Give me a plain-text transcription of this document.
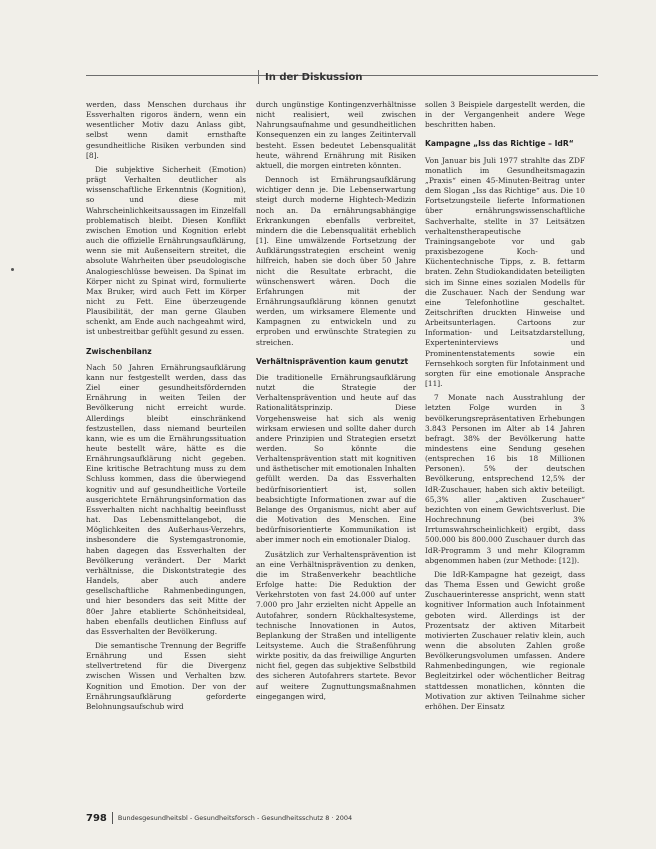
In der Diskussion

werden, dass Menschen durchaus ihr Essverhalten rigoros ändern, wenn ein wesentlicher Motiv dazu Anlass gibt, selbst wenn damit ernsthafte gesundheitliche Risiken verbunden sind [8].

Die subjektive Sicherheit (Emotion) prägt Verhalten deutlicher als wissenschaftliche Erkenntnis (Kognition), so und diese mit Wahrscheinlichkeitsaussagen im Einzelfall problematisch bleibt. Diesen Konflikt zwischen Emotion und Kognition erlebt auch die offizielle Ernährungsaufklärung, wenn sie mit Außenseitern streitet, die absolute Wahrheiten über pseudologische Analogieschlüsse beweisen. Da Spinat im Körper nicht zu Spinat wird, formulierte Max Bruker, wird auch Fett im Körper nicht zu Fett. Eine überzeugende Plausibilität, der man gerne Glauben schenkt, am Ende auch nachgeahmt wird, ist unbestreitbar gefühlt gesund zu essen.

Zwischenbilanz

Nach 50 Jahren Ernährungsaufklärung kann nur festgestellt werden, dass das Ziel einer gesundheitsfördernden Ernährung in weiten Teilen der Bevölkerung nicht erreicht wurde. Allerdings bleibt einschränkend festzustellen, dass niemand beurteilen kann, wie es um die Ernährungssituation heute bestellt wäre, hätte es die Ernährungsaufklärung nicht gegeben. Eine kritische Betrachtung muss zu dem Schluss kommen, dass die überwiegend kognitiv und auf gesundheitliche Vorteile ausgerichtete Ernährungsinformation das Essverhalten nicht nachhaltig beeinflusst hat. Das Lebensmittelangebot, die Möglichkeiten des Außerhaus-Verzehrs, insbesondere die Systemgastronomie, haben dagegen das Essverhalten der Bevölkerung verändert. Der Markt verhältnisse, die Diskontstrategie des Handels, aber auch andere gesellschaftliche Rahmenbedingungen, und hier besonders das seit Mitte der 80er Jahre etablierte Schönheitsideal, haben ebenfalls deutlichen Einfluss auf das Essverhalten der Bevölkerung.

Die semantische Trennung der Begriffe Ernährung und Essen sieht stellvertretend für die Divergenz zwischen Wissen und Verhalten bzw. Kognition und Emotion. Der von der Ernährungsaufklärung geforderte Belohnungsaufschub wird

durch ungünstige Kontingenzverhältnisse nicht realisiert, weil zwischen Nahrungsaufnahme und gesundheitlichen Konsequenzen ein zu langes Zeitintervall besteht. Essen bedeutet Lebensqualität heute, während Ernährung mit Risiken aktuell, die morgen eintreten könnten.

Dennoch ist Ernährungsaufklärung wichtiger denn je. Die Lebenserwartung steigt durch moderne Hightech-Medizin noch an. Da ernährungsabhängige Erkrankungen ebenfalls verbreitet, mindern die die Lebensqualität erheblich [1]. Eine umwälzende Fortsetzung der Aufklärungsstrategien erscheint wenig hilfreich, haben sie doch über 50 Jahre nicht die Resultate erbracht, die wünschenswert wären. Doch die Erfahrungen mit der Ernährungsaufklärung können genutzt werden, um wirksamere Elemente und Kampagnen zu entwickeln und zu erproben und erwünschte Strategien zu streichen.

Verhältnisprävention kaum genutzt

Die traditionelle Ernährungsaufklärung nutzt die Strategie der Verhaltensprävention und heute auf das Rationalitätsprinzip. Diese Vorgehensweise hat sich als wenig wirksam erwiesen und sollte daher durch andere Prinzipien und Strategien ersetzt werden. So könnte die Verhaltensprävention statt mit kognitiven und ästhetischer mit emotionalen Inhalten gefüllt werden. Da das Essverhalten bedürfnisorientiert ist, sollen beabsichtigte Informationen zwar auf die Belange des Organismus, nicht aber auf die Motivation des Menschen. Eine bedürfnisorientierte Kommunikation ist aber immer noch ein emotionaler Dialog.

Zusätzlich zur Verhaltensprävention ist an eine Verhältnisprävention zu denken, die im Straßenverkehr beachtliche Erfolge hatte: Die Reduktion der Verkehrstoten von fast 24.000 auf unter 7.000 pro Jahr erzielten nicht Appelle an Autofahrer, sondern Rückhaltesysteme, technische Innovationen in Autos, Beplankung der Straßen und intelligente Leitsysteme. Auch die Straßenführung wirkte positiv, da das freiwillige Angurten nicht fiel, gegen das subjektive Selbstbild des sicheren Autofahrers startete. Bevor auf weitere Zugnuttungsmaßnahmen eingegangen wird,

sollen 3 Beispiele dargestellt werden, die in der Vergangenheit andere Wege beschritten haben.

Kampagne „Iss das Richtige – IdR“

Von Januar bis Juli 1977 strahlte das ZDF monatlich im Gesundheitsmagazin „Praxis“ einen 45-Minuten-Beitrag unter dem Slogan „Iss das Richtige“ aus. Die 10 Fortsetzungsteile lieferte Informationen über ernährungswissenschaftliche Sachverhalte, stellte in 37 Leitsätzen verhaltenstherapeutische Trainingsangebote vor und gab praxisbezogene Koch- und Küchentechnische Tipps, z. B. fettarm braten. Zehn Studiokandidaten beteiligten sich im Sinne eines sozialen Modells für die Zuschauer. Nach der Sendung war eine Telefonhotline geschaltet. Zeitschriften druckten Hinweise und Arbeitsunterlagen. Cartoons zur Information- und Leitsatzdarstellung, Experteninterviews und Prominentenstatements sowie ein Fernsehkoch sorgten für Infotainment und sorgten für eine emotionale Ansprache [11].

7 Monate nach Ausstrahlung der letzten Folge wurden in 3 bevölkerungsrepräsentativen Erhebungen 3.843 Personen im Alter ab 14 Jahren befragt. 38% der Bevölkerung hatte mindestens eine Sendung gesehen (entsprechen 16 bis 18 Millionen Personen). 5% der deutschen Bevölkerung, entsprechend 12,5% der IdR-Zuschauer, haben sich aktiv beteiligt. 65,3% aller „aktiven Zuschauer“ bezichten von einem Gewichtsverlust. Die Hochrechnung (bei 3% Irrtumswahrscheinlichkeit) ergibt, dass 500.000 bis 800.000 Zuschauer durch das IdR-Programm 3 und mehr Kilogramm abgenommen haben (zur Methode: [12]).

Die IdR-Kampagne hat gezeigt, dass das Thema Essen und Gewicht große Zuschauerinteresse anspricht, wenn statt kognitiver Information auch Infotainment geboten wird. Allerdings ist der Prozentsatz der aktiven Mitarbeit motivierten Zuschauer relativ klein, auch wenn die absoluten Zahlen große Bevölkerungsvolumen umfassen. Andere Rahmenbedingungen, wie regionale Begleitzirkel oder wöchentlicher Beitrag stattdessen monatlichen, könnten die Motivation zur aktiven Teilnahme sicher erhöhen. Der Einsatz

798 Bundesgesundheitsbl - Gesundheitsforsch - Gesundheitsschutz 8 · 2004
